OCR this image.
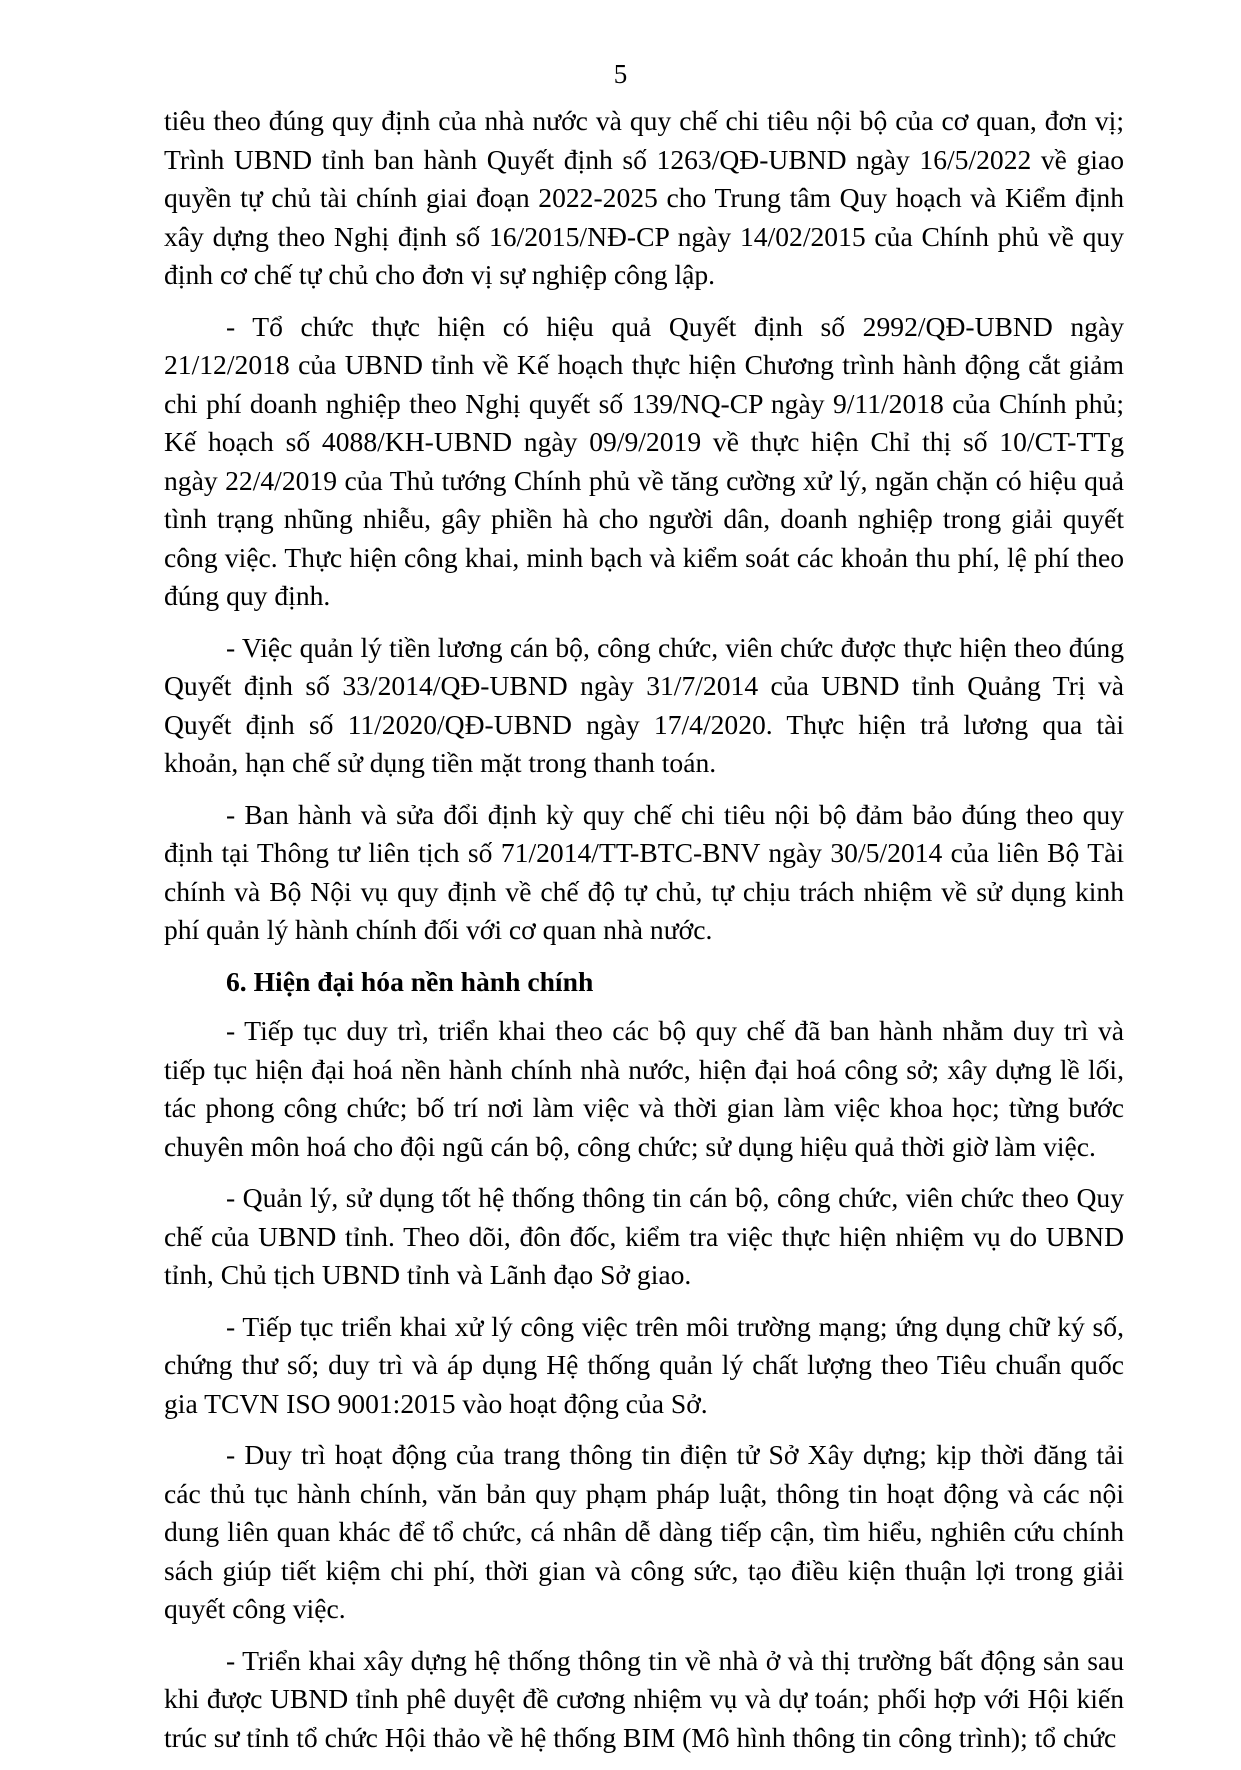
5

tiêu theo đúng quy định của nhà nước và quy chế chi tiêu nội bộ của cơ quan, đơn vị; Trình UBND tỉnh ban hành Quyết định số 1263/QĐ-UBND ngày 16/5/2022 về giao quyền tự chủ tài chính giai đoạn 2022-2025 cho Trung tâm Quy hoạch và Kiểm định xây dựng theo Nghị định số 16/2015/NĐ-CP ngày 14/02/2015 của Chính phủ về quy định cơ chế tự chủ cho đơn vị sự nghiệp công lập.

- Tổ chức thực hiện có hiệu quả Quyết định số 2992/QĐ-UBND ngày 21/12/2018 của UBND tỉnh về Kế hoạch thực hiện Chương trình hành động cắt giảm chi phí doanh nghiệp theo Nghị quyết số 139/NQ-CP ngày 9/11/2018 của Chính phủ; Kế hoạch số 4088/KH-UBND ngày 09/9/2019 về thực hiện Chỉ thị số 10/CT-TTg ngày 22/4/2019 của Thủ tướng Chính phủ về tăng cường xử lý, ngăn chặn có hiệu quả tình trạng nhũng nhiễu, gây phiền hà cho người dân, doanh nghiệp trong giải quyết công việc. Thực hiện công khai, minh bạch và kiểm soát các khoản thu phí, lệ phí theo đúng quy định.

- Việc quản lý tiền lương cán bộ, công chức, viên chức được thực hiện theo đúng Quyết định số 33/2014/QĐ-UBND ngày 31/7/2014 của UBND tỉnh Quảng Trị và Quyết định số 11/2020/QĐ-UBND ngày 17/4/2020. Thực hiện trả lương qua tài khoản, hạn chế sử dụng tiền mặt trong thanh toán.

- Ban hành và sửa đổi định kỳ quy chế chi tiêu nội bộ đảm bảo đúng theo quy định tại Thông tư liên tịch số 71/2014/TT-BTC-BNV ngày 30/5/2014 của liên Bộ Tài chính và Bộ Nội vụ quy định về chế độ tự chủ, tự chịu trách nhiệm về sử dụng kinh phí quản lý hành chính đối với cơ quan nhà nước.

6. Hiện đại hóa nền hành chính

- Tiếp tục duy trì, triển khai theo các bộ quy chế đã ban hành nhằm duy trì và tiếp tục hiện đại hoá nền hành chính nhà nước, hiện đại hoá công sở; xây dựng lề lối, tác phong công chức; bố trí nơi làm việc và thời gian làm việc khoa học; từng bước chuyên môn hoá cho đội ngũ cán bộ, công chức; sử dụng hiệu quả thời giờ làm việc.

- Quản lý, sử dụng tốt hệ thống thông tin cán bộ, công chức, viên chức theo Quy chế của UBND tỉnh. Theo dõi, đôn đốc, kiểm tra việc thực hiện nhiệm vụ do UBND tỉnh, Chủ tịch UBND tỉnh và Lãnh đạo Sở giao.

- Tiếp tục triển khai xử lý công việc trên môi trường mạng; ứng dụng chữ ký số, chứng thư số; duy trì và áp dụng Hệ thống quản lý chất lượng theo Tiêu chuẩn quốc gia TCVN ISO 9001:2015 vào hoạt động của Sở.

- Duy trì hoạt động của trang thông tin điện tử Sở Xây dựng; kịp thời đăng tải các thủ tục hành chính, văn bản quy phạm pháp luật, thông tin hoạt động và các nội dung liên quan khác để tổ chức, cá nhân dễ dàng tiếp cận, tìm hiểu, nghiên cứu chính sách giúp tiết kiệm chi phí, thời gian và công sức, tạo điều kiện thuận lợi trong giải quyết công việc.

- Triển khai xây dựng hệ thống thông tin về nhà ở và thị trường bất động sản sau khi được UBND tỉnh phê duyệt đề cương nhiệm vụ và dự toán; phối hợp với Hội kiến trúc sư tỉnh tổ chức Hội thảo về hệ thống BIM (Mô hình thông tin công trình); tổ chức
